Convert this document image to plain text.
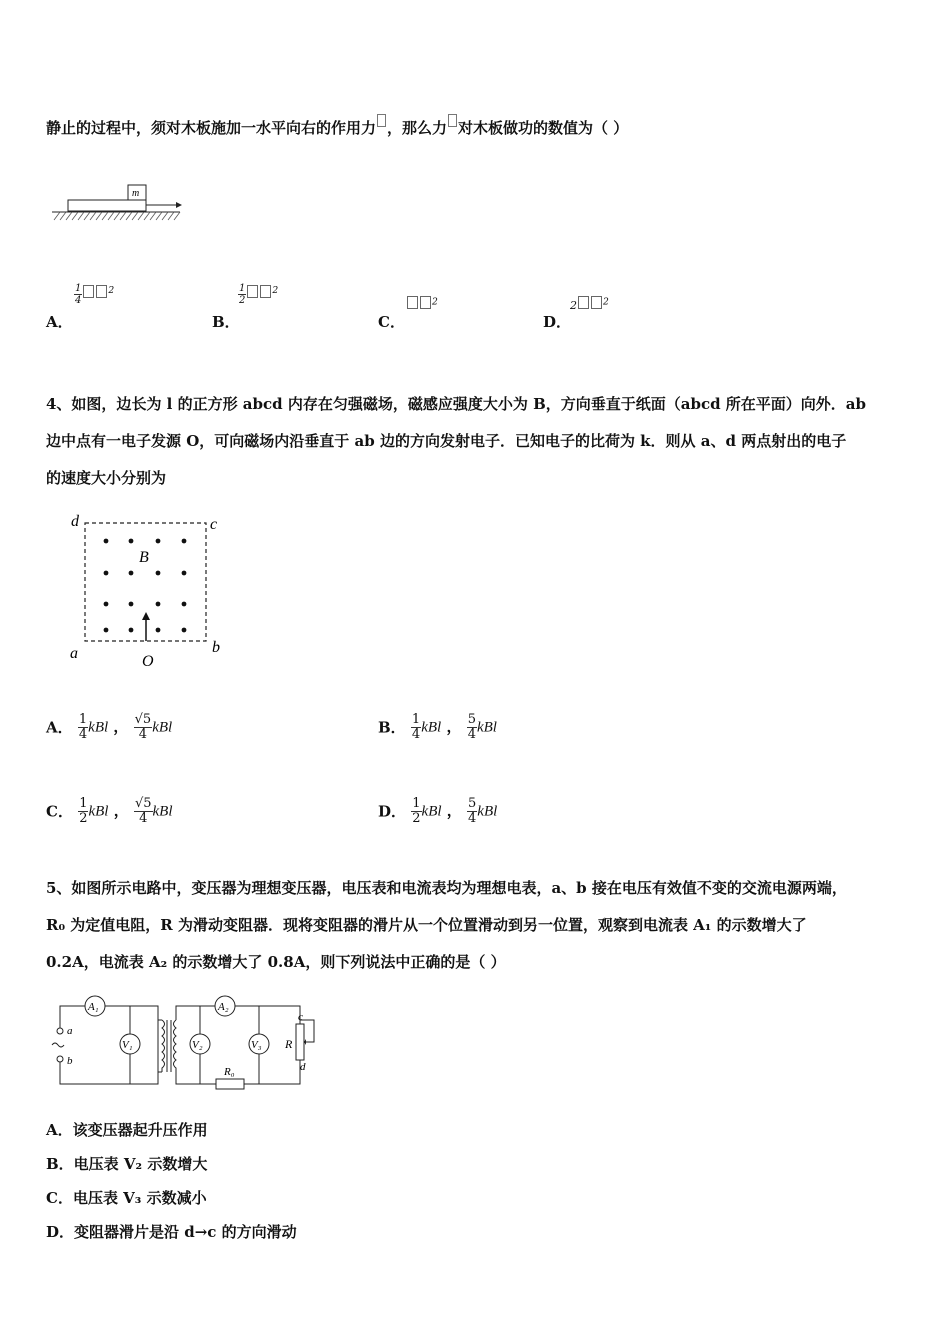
静止的过程中，须对木板施加一水平向右的作用力 ，那么力 对木板做功的数值为（ ）
m
A．
$\frac{1}{4}$	$^2$
B．
$\frac{1}{2}$	$^2$
C．
$^2$
D．
2	$^2$
4、如图，边长为 l 的正方形 abcd 内存在匀强磁场，磁感应强度大小为 B，方向垂直于纸面（abcd 所在平面）向外．ab
边中点有一电子发源 O，可向磁场内沿垂直于 ab 边的方向发射电子．已知电子的比荷为 k．则从 a、d 两点射出的电子
的速度大小分别为
d	c
a	b
B
O
A． $\frac{1}{4}$ kBl ， $\frac{√5}{4}$ kBl	B． $\frac{1}{4}$ kBl ， $\frac{5}{4}$ kBl
C． $\frac{1}{2}$ kBl ， $\frac{√5}{4}$ kBl	D． $\frac{1}{2}$ kBl ， $\frac{5}{4}$ kBl
5、如图所示电路中，变压器为理想变压器，电压表和电流表均为理想电表，a、b 接在电压有效值不变的交流电源两端，
R₀ 为定值电阻，R 为滑动变阻器．现将变阻器的滑片从一个位置滑动到另一位置，观察到电流表 A₁ 的示数增大了
0.2A，电流表 A₂ 的示数增大了 0.8A，则下列说法中正确的是（ ）
A₁
V₁
A₂
V₂	V₃
R₀
R
c
d
a
b
A．该变压器起升压作用
B．电压表 V₂ 示数增大
C．电压表 V₃ 示数减小
D．变阻器滑片是沿 d→c 的方向滑动
